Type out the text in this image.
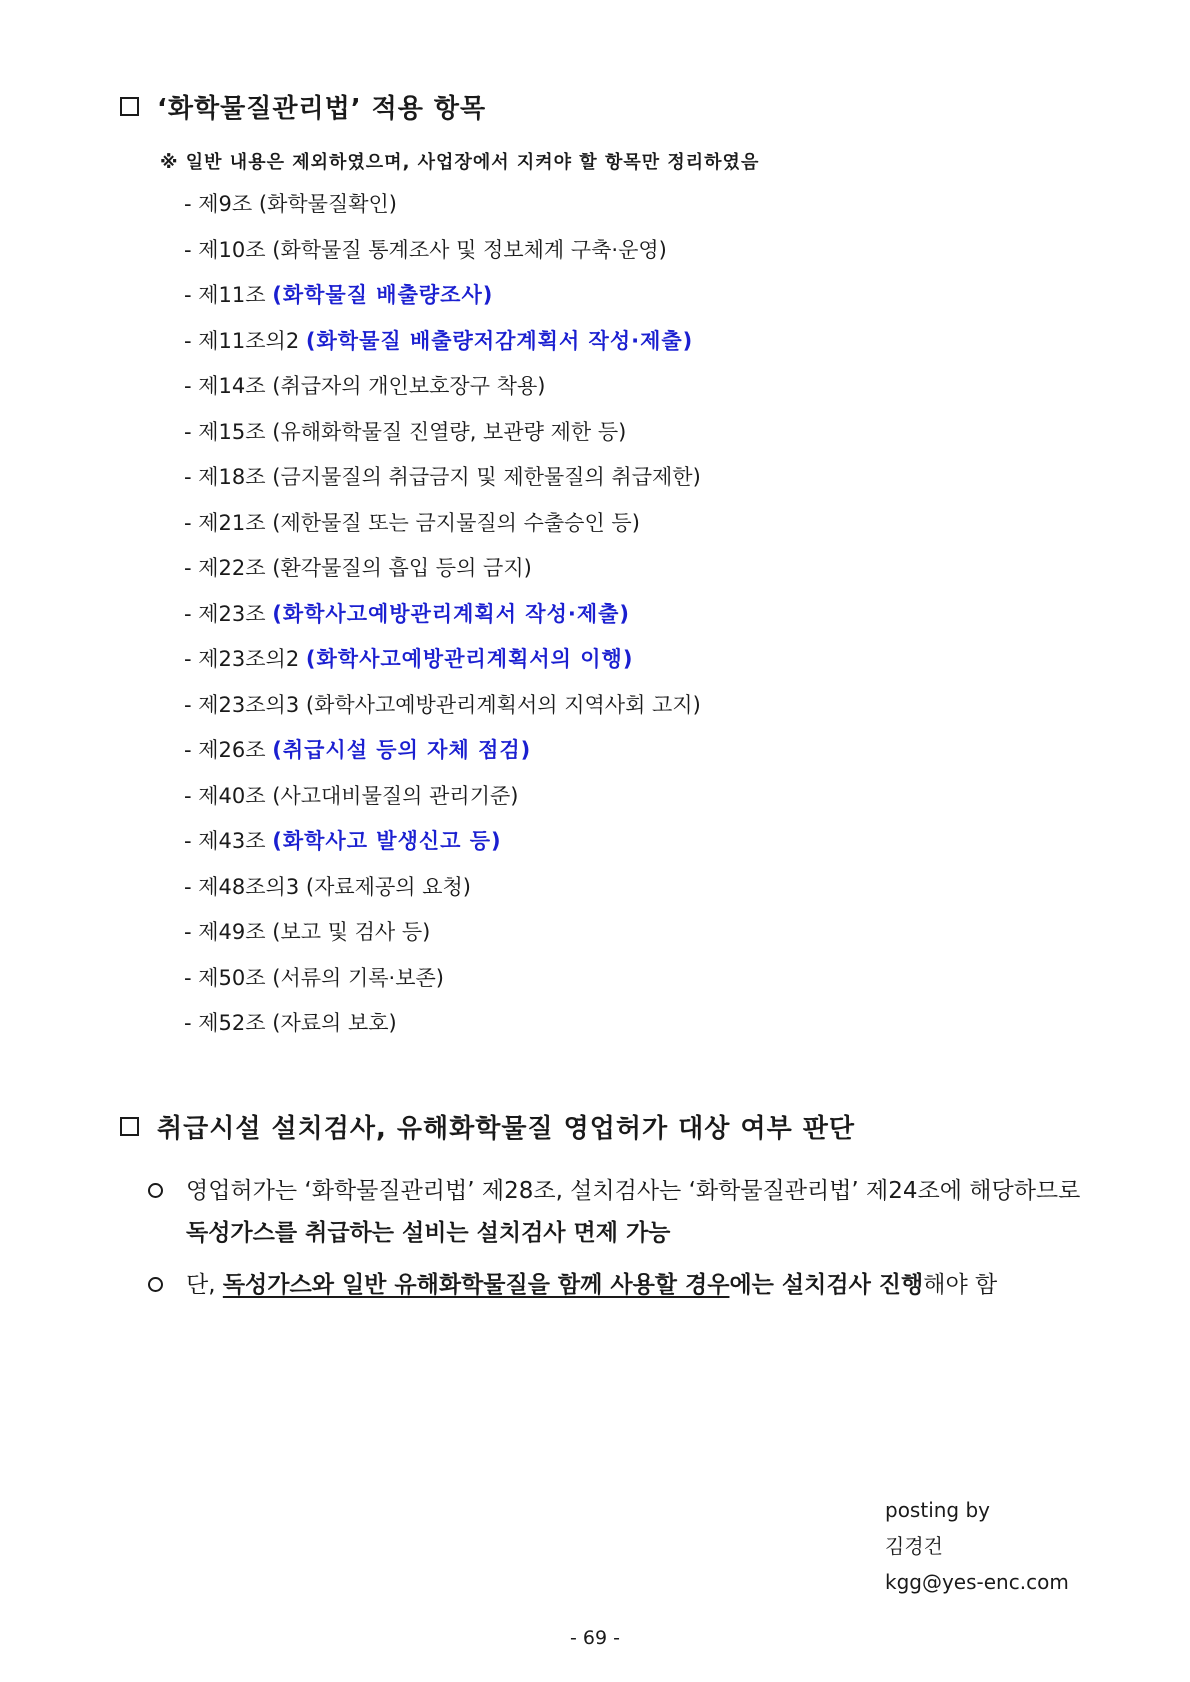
‘화학물질관리법’ 적용 항목
※ 일반 내용은 제외하였으며, 사업장에서 지켜야 할 항목만 정리하였음
- 제9조 (화학물질확인)
- 제10조 (화학물질 통계조사 및 정보체계 구축·운영)
- 제11조 (화학물질 배출량조사)
- 제11조의2 (화학물질 배출량저감계획서 작성·제출)
- 제14조 (취급자의 개인보호장구 착용)
- 제15조 (유해화학물질 진열량, 보관량 제한 등)
- 제18조 (금지물질의 취급금지 및 제한물질의 취급제한)
- 제21조 (제한물질 또는 금지물질의 수출승인 등)
- 제22조 (환각물질의 흡입 등의 금지)
- 제23조 (화학사고예방관리계획서 작성·제출)
- 제23조의2 (화학사고예방관리계획서의 이행)
- 제23조의3 (화학사고예방관리계획서의 지역사회 고지)
- 제26조 (취급시설 등의 자체 점검)
- 제40조 (사고대비물질의 관리기준)
- 제43조 (화학사고 발생신고 등)
- 제48조의3 (자료제공의 요청)
- 제49조 (보고 및 검사 등)
- 제50조 (서류의 기록·보존)
- 제52조 (자료의 보호)
취급시설 설치검사, 유해화학물질 영업허가 대상 여부 판단
영업허가는 ‘화학물질관리법’ 제28조, 설치검사는 ‘화학물질관리법’ 제24조에 해당하므로
독성가스를 취급하는 설비는 설치검사 면제 가능
단, 독성가스와 일반 유해화학물질을 함께 사용할 경우에는 설치검사 진행해야 함
posting by
김경건
kgg@yes-enc.com
- 69 -
